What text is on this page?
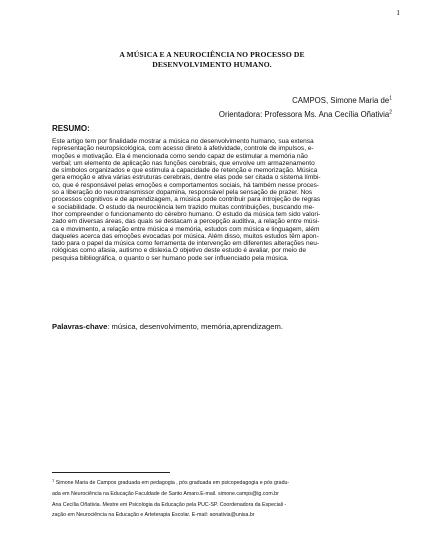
1
A MÚSICA E A NEUROCIÊNCIA NO PROCESSO DE
DESENVOLVIMENTO HUMANO.
CAMPOS, Simone Maria $de^1$
Orientadora: Professora Ms. Ana Cecília Oñativia$^2$
RESUMO:
Este artigo tem por finalidade mostrar a música no desenvolvimento humano, sua extensa
representação neuropsicológica, com acesso direto à afetividade, controle de impulsos, e-
moções e motivação. Ela é mencionada como sendo capaz de estimular a memória não
verbal; um elemento de aplicação nas funções cerebrais, que envolve um armazenamento
de símbolos organizados e que estimula a capacidade de retenção e memorização. Música
gera emoção e ativa várias estruturas cerebrais, dentre elas pode ser citada o sistema límbi-
co, que é responsável pelas emoções e comportamentos sociais, há também nesse proces-
so a liberação do neurotransmissor dopamina, responsável pela sensação de prazer. Nos
processos cognitivos e de aprendizagem, a música pode contribuir para introjeção de regras
e sociabilidade. O estudo da neurociência tem trazido muitas contribuições, buscando me-
lhor compreender o funcionamento do cérebro humano. O estudo da música tem sido valori-
zado em diversas áreas, das quais se destacam a percepção auditiva, a relação entre músi-
ca e movimento, a relação entre música e memória, estudos com música e linguagem, além
daqueles acerca das emoções evocadas por música. Além disso, muitos estudos têm apon-
tado para o papel da música como ferramenta de intervenção em diferentes alterações neu-
rológicas como afasia, autismo e dislexia.O objetivo deste estudo é avaliar, por meio de
pesquisa bibliográfica, o quanto o ser humano pode ser influenciado pela música.
Palavras-chave: música, desenvolvimento, memória,aprendizagem.
$^1$ Simone Maria de Campos graduada em pedagogia , pós graduada em psicopedagogia e pós gradu-
ada em Neurociência na Educação Faculdade de Santo Amaro.E-mail. simone.camps@ig.com.br
Ana Cecília Oñativia. Mestre em Psicologia da Educação pela PUC-SP. Coordenadora da Especiali -
zação em Neurociência na Educação e Arteterapia Escolar. E-mail: aonativia@unisa.br
